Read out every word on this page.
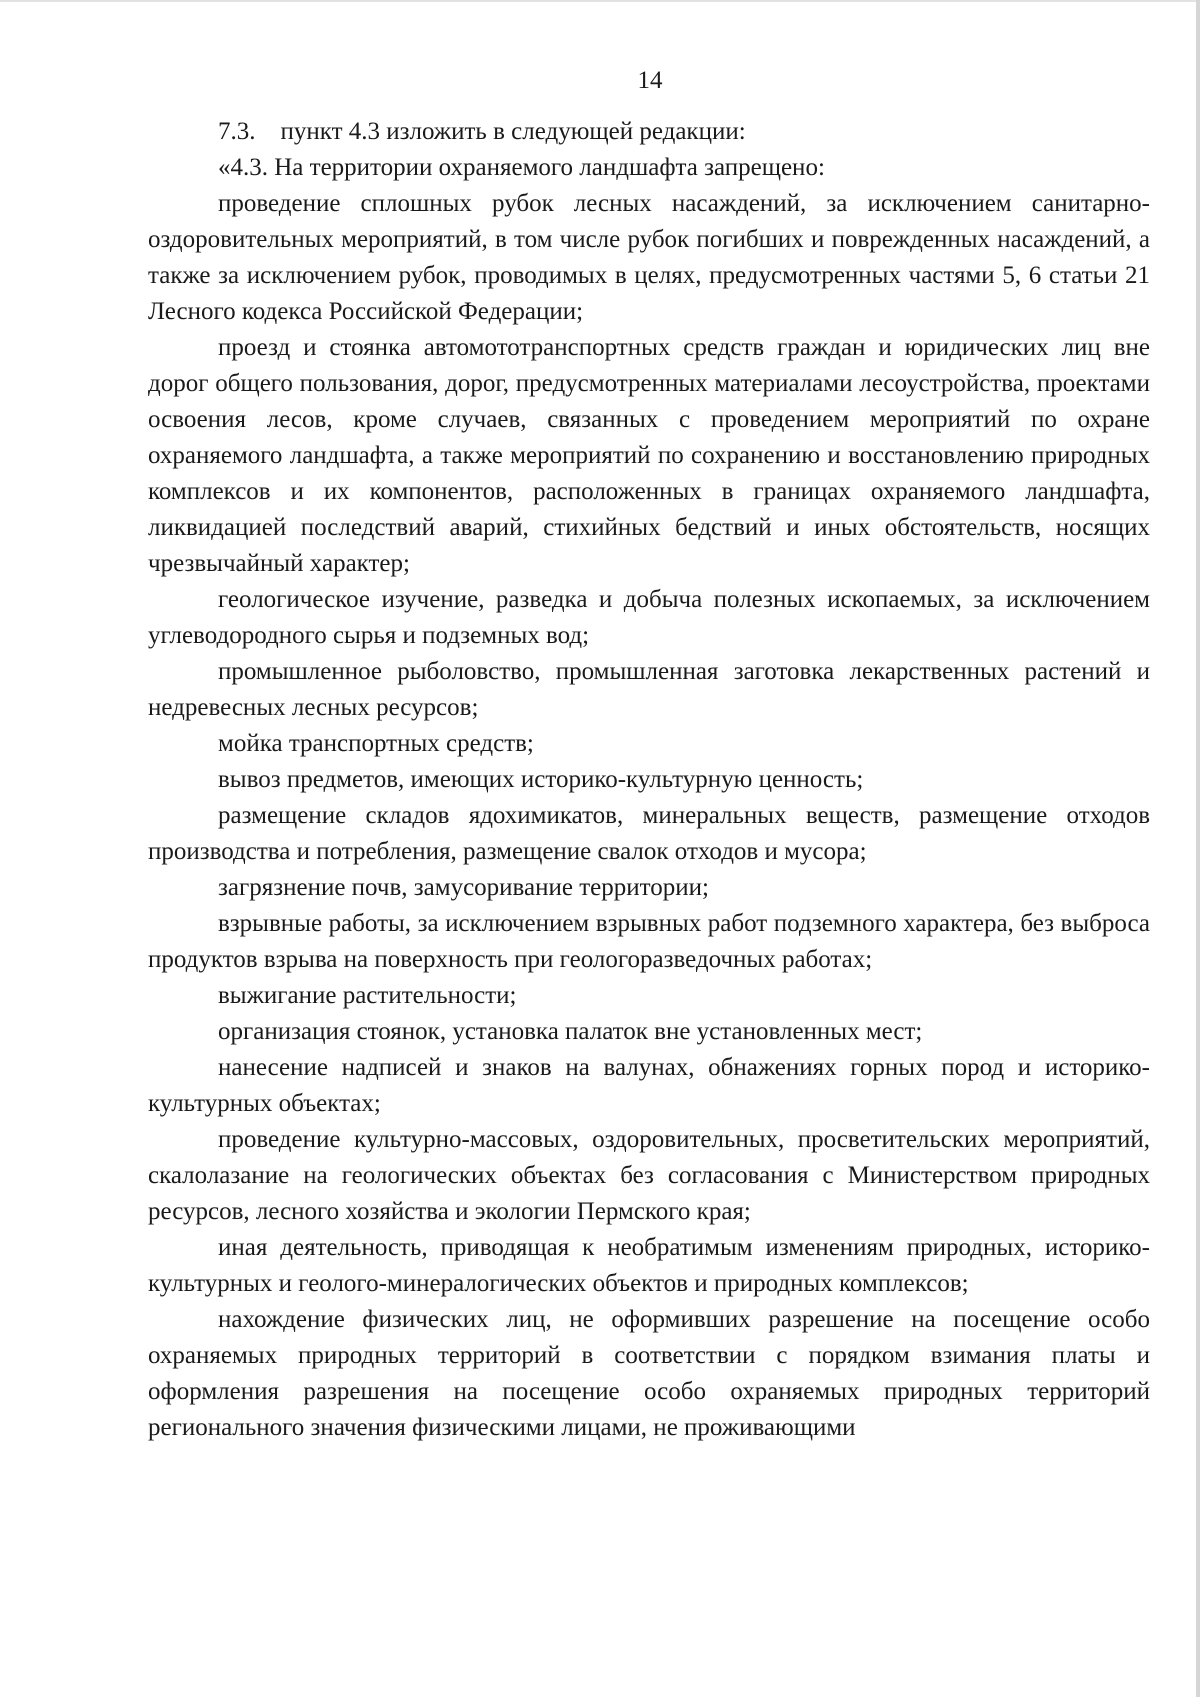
14

7.3.    пункт 4.3 изложить в следующей редакции:

«4.3. На территории охраняемого ландшафта запрещено:

проведение сплошных рубок лесных насаждений, за исключением санитарно-оздоровительных мероприятий, в том числе рубок погибших и поврежденных насаждений, а также за исключением рубок, проводимых в целях, предусмотренных частями 5, 6 статьи 21 Лесного кодекса Российской Федерации;

проезд и стоянка автомототранспортных средств граждан и юридических лиц вне дорог общего пользования, дорог, предусмотренных материалами лесоустройства, проектами освоения лесов, кроме случаев, связанных с проведением мероприятий по охране охраняемого ландшафта, а также мероприятий по сохранению и восстановлению природных комплексов и их компонентов, расположенных в границах охраняемого ландшафта, ликвидацией последствий аварий, стихийных бедствий и иных обстоятельств, носящих чрезвычайный характер;

геологическое изучение, разведка и добыча полезных ископаемых, за исключением углеводородного сырья и подземных вод;

промышленное рыболовство, промышленная заготовка лекарственных растений и недревесных лесных ресурсов;

мойка транспортных средств;

вывоз предметов, имеющих историко-культурную ценность;

размещение складов ядохимикатов, минеральных веществ, размещение отходов производства и потребления, размещение свалок отходов и мусора;

загрязнение почв, замусоривание территории;

взрывные работы, за исключением взрывных работ подземного характера, без выброса продуктов взрыва на поверхность при геологоразведочных работах;

выжигание растительности;

организация стоянок, установка палаток вне установленных мест;

нанесение надписей и знаков на валунах, обнажениях горных пород и историко-культурных объектах;

проведение культурно-массовых, оздоровительных, просветительских мероприятий, скалолазание на геологических объектах без согласования с Министерством природных ресурсов, лесного хозяйства и экологии Пермского края;

иная деятельность, приводящая к необратимым изменениям природных, историко-культурных и геолого-минералогических объектов и природных комплексов;

нахождение физических лиц, не оформивших разрешение на посещение особо охраняемых природных территорий в соответствии с порядком взимания платы и оформления разрешения на посещение особо охраняемых природных территорий регионального значения физическими лицами, не проживающими
